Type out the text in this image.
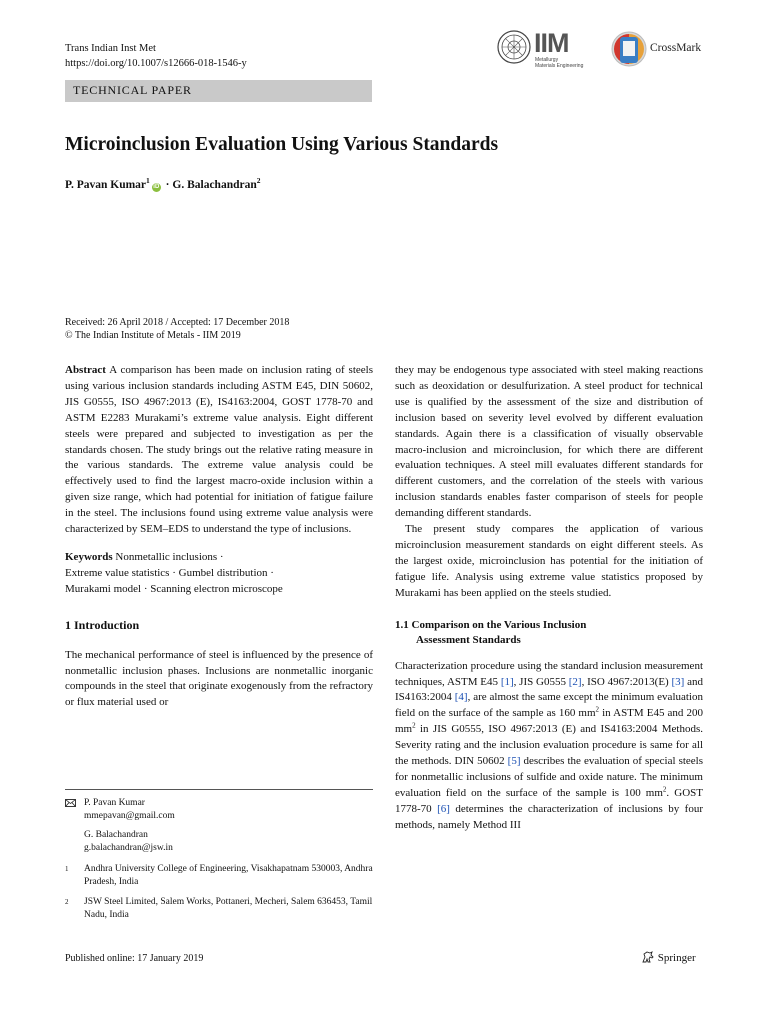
Trans Indian Inst Met
https://doi.org/10.1007/s12666-018-1546-y
IIM
Metallurgy
Materials Engineering
CrossMark
TECHNICAL PAPER
Microinclusion Evaluation Using Various Standards
P. Pavan Kumar$^1$iD · G. Balachandran$^2$
Received: 26 April 2018 / Accepted: 17 December 2018
© The Indian Institute of Metals - IIM 2019

Abstract A comparison has been made on inclusion rating of steels using various inclusion standards including ASTM E45, DIN 50602, JIS G0555, ISO 4967:2013 (E), IS4163:2004, GOST 1778-70 and ASTM E2283 Murakami’s extreme value analysis. Eight different steels were prepared and subjected to investigation as per the standards chosen. The study brings out the relative rating measure in the various standards. The extreme value analysis could be effectively used to find the largest macro-oxide inclusion within a given size range, which had potential for initiation of fatigue failure in the steel. The inclusions found using extreme value analysis were characterized by SEM–EDS to understand the type of inclusions.

Keywords Nonmetallic inclusions ·
Extreme value statistics · Gumbel distribution ·
Murakami model · Scanning electron microscope

1 Introduction

The mechanical performance of steel is influenced by the presence of nonmetallic inclusion phases. Inclusions are nonmetallic inorganic compounds in the steel that originate exogenously from the refractory or flux material used or

they may be endogenous type associated with steel making reactions such as deoxidation or desulfurization. A steel product for technical use is qualified by the assessment of the size and distribution of inclusion based on severity level evolved by different evaluation standards. Again there is a classification of visually observable macro-inclusion and microinclusion, for which there are different evaluation techniques. A steel mill evaluates different standards for different customers, and the correlation of the steels with various inclusion standards enables faster comparison of steels for people demanding different standards.

The present study compares the application of various microinclusion measurement standards on eight different steels. As the largest oxide, microinclusion has potential for the initiation of fatigue life. Analysis using extreme value statistics proposed by Murakami has been applied on the steels studied.

1.1 Comparison on the Various Inclusion
Assessment Standards

Characterization procedure using the standard inclusion measurement techniques, ASTM E45 [1], JIS G0555 [2], ISO 4967:2013(E) [3] and IS4163:2004 [4], are almost the same except the minimum evaluation field on the surface of the sample as 160 $mm^2$ in ASTM E45 and 200 $mm^2$ in JIS G0555, ISO 4967:2013 (E) and IS4163:2004 Methods. Severity rating and the inclusion evaluation procedure is same for all the methods. DIN 50602 [5] describes the evaluation of special steels for nonmetallic inclusions of sulfide and oxide nature. The minimum evaluation field on the surface of the sample is 100 $mm^2$. GOST 1778-70 [6] determines the characterization of inclusions by four methods, namely Method III

P. Pavan Kumar
mmepavan@gmail.com
G. Balachandran
g.balachandran@jsw.in
1 Andhra University College of Engineering, Visakhapatnam 530003, Andhra Pradesh, India
2 JSW Steel Limited, Salem Works, Pottaneri, Mecheri, Salem 636453, Tamil Nadu, India
Published online: 17 January 2019	Springer
